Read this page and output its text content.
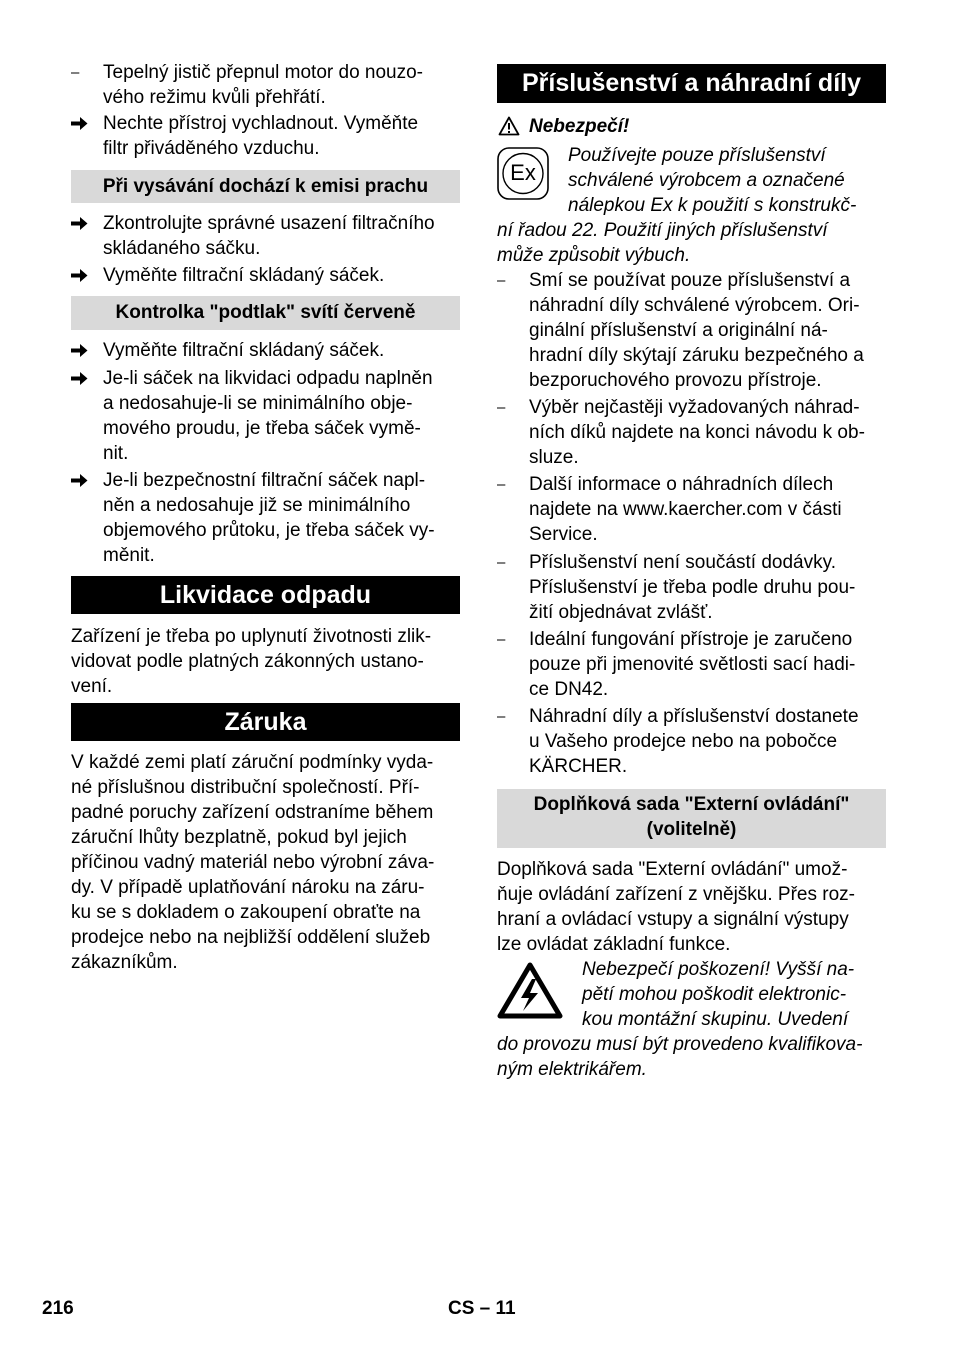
–	Tepelný jistič přepnul motor do nouzo-
vého režimu kvůli přehřátí.
Nechte přístroj vychladnout. Vyměňte
filtr přiváděného vzduchu.
Při vysávání dochází k emisi prachu
Zkontrolujte správné usazení filtračního
skládaného sáčku.
Vyměňte filtrační skládaný sáček.
Kontrolka "podtlak" svítí červeně
Vyměňte filtrační skládaný sáček.
Je-li sáček na likvidaci odpadu naplněn
a nedosahuje-li se minimálního obje-
mového proudu, je třeba sáček vymě-
nit.
Je-li bezpečnostní filtrační sáček napl-
něn a nedosahuje již se minimálního
objemového průtoku, je třeba sáček vy-
měnit.
Likvidace odpadu
Zařízení je třeba po uplynutí životnosti zlik-
vidovat podle platných zákonných ustano-
vení.
Záruka
V každé zemi platí záruční podmínky vyda-
né příslušnou distribuční společností. Pří-
padné poruchy zařízení odstraníme během
záruční lhůty bezplatně, pokud byl jejich
příčinou vadný materiál nebo výrobní záva-
dy. V případě uplatňování nároku na záru-
ku se s dokladem o zakoupení obraťte na
prodejce nebo na nejbližší oddělení služeb
zákazníkům.
Příslušenství a náhradní díly
Nebezpečí!
Ex
Používejte pouze příslušenství
schválené výrobcem a označené
nálepkou Ex k použití s konstrukč-
ní řadou 22. Použití jiných příslušenství
může způsobit výbuch.
–	Smí se používat pouze příslušenství a
náhradní díly schválené výrobcem. Ori-
ginální příslušenství a originální ná-
hradní díly skýtají záruku bezpečného a
bezporuchového provozu přístroje.
–	Výběr nejčastěji vyžadovaných náhrad-
ních díků najdete na konci návodu k ob-
sluze.
–	Další informace o náhradních dílech
najdete na www.kaercher.com v části
Service.
–	Příslušenství není součástí dodávky.
Příslušenství je třeba podle druhu pou-
žití objednávat zvlášť.
–	Ideální fungování přístroje je zaručeno
pouze při jmenovité světlosti sací hadi-
ce DN42.
–	Náhradní díly a příslušenství dostanete
u Vašeho prodejce nebo na pobočce
KÄRCHER.
Doplňková sada "Externí ovládání"
(volitelně)
Doplňková sada "Externí ovládání" umož-
ňuje ovládání zařízení z vnějšku. Přes roz-
hraní a ovládací vstupy a signální výstupy
lze ovládat základní funkce.
Nebezpečí poškození! Vyšší na-
pětí mohou poškodit elektronic-
kou montážní skupinu. Uvedení
do provozu musí být provedeno kvalifikova-
ným elektrikářem.
216	CS – 11
